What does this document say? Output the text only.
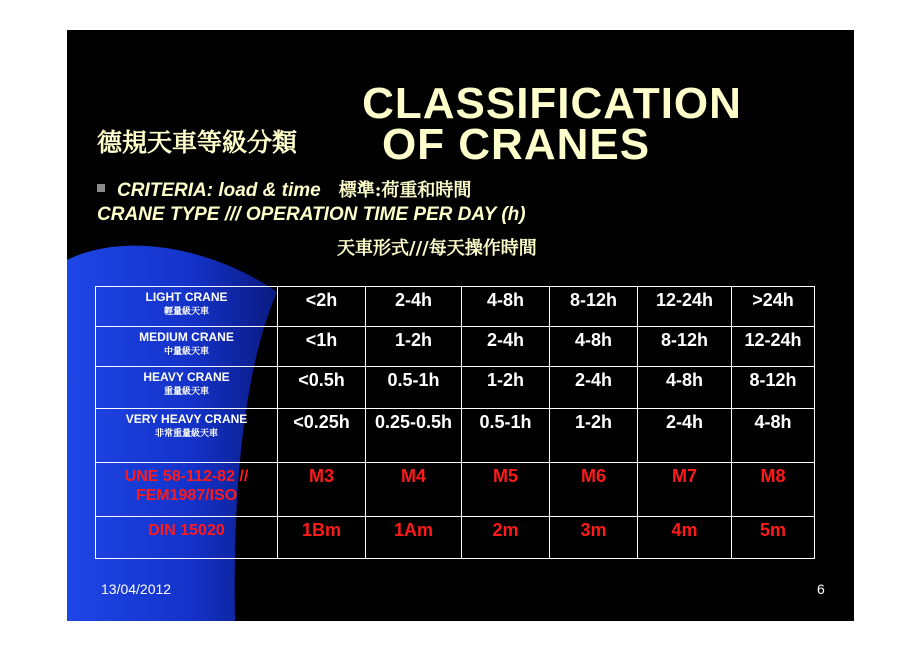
德規天車等級分類
CLASSIFICATION
OF CRANES
CRITERIA: load & time 標準:荷重和時間
CRANE TYPE /// OPERATION TIME PER DAY (h)
天車形式///每天操作時間
LIGHT CRANE
輕量級天車	<2h	2-4h	4-8h	8-12h	12-24h	>24h
MEDIUM CRANE
中量級天車	<1h	1-2h	2-4h	4-8h	8-12h	12-24h
HEAVY CRANE
重量級天車	<0.5h	0.5-1h	1-2h	2-4h	4-8h	8-12h
VERY HEAVY CRANE
非常重量級天車	<0.25h	0.25-0.5h	0.5-1h	1-2h	2-4h	4-8h
UNE 58-112-82 // FEM1987/ISO	M3	M4	M5	M6	M7	M8
DIN 15020	1Bm	1Am	2m	3m	4m	5m
13/04/2012	6
